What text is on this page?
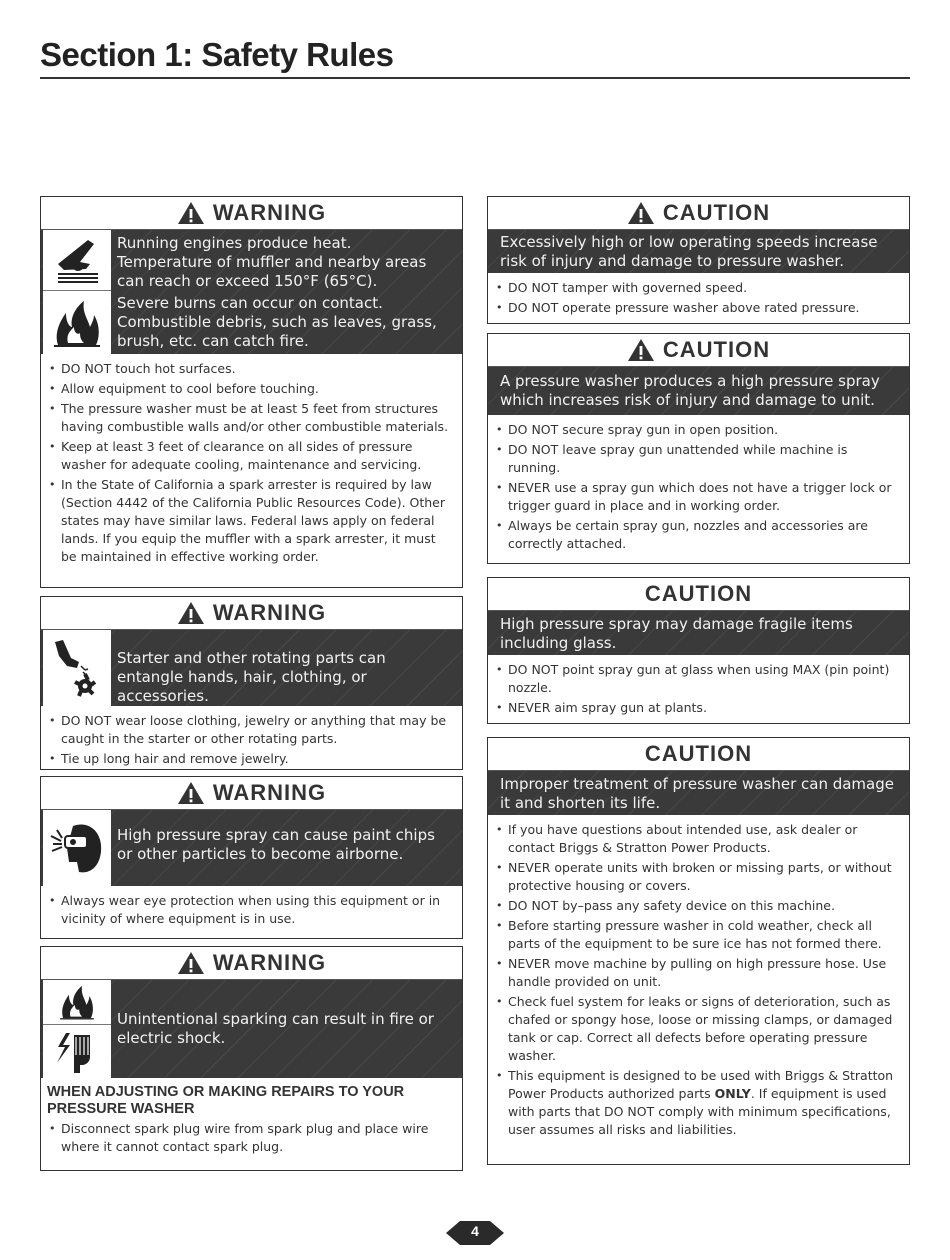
Section 1: Safety Rules
WARNING
Running engines produce heat. Temperature of muffler and nearby areas can reach or exceed 150°F (65°C).
Severe burns can occur on contact.
Combustible debris, such as leaves, grass, brush, etc. can catch fire.
• DO NOT touch hot surfaces.
• Allow equipment to cool before touching.
• The pressure washer must be at least 5 feet from structures having combustible walls and/or other combustible materials.
• Keep at least 3 feet of clearance on all sides of pressure washer for adequate cooling, maintenance and servicing.
• In the State of California a spark arrester is required by law (Section 4442 of the California Public Resources Code). Other states may have similar laws. Federal laws apply on federal lands. If you equip the muffler with a spark arrester, it must be maintained in effective working order.
WARNING
Starter and other rotating parts can entangle hands, hair, clothing, or accessories.
• DO NOT wear loose clothing, jewelry or anything that may be caught in the starter or other rotating parts.
• Tie up long hair and remove jewelry.
WARNING
High pressure spray can cause paint chips or other particles to become airborne.
• Always wear eye protection when using this equipment or in vicinity of where equipment is in use.
WARNING
Unintentional sparking can result in fire or electric shock.
WHEN ADJUSTING OR MAKING REPAIRS TO YOUR PRESSURE WASHER
• Disconnect spark plug wire from spark plug and place wire where it cannot contact spark plug.
CAUTION
Excessively high or low operating speeds increase risk of injury and damage to pressure washer.
• DO NOT tamper with governed speed.
• DO NOT operate pressure washer above rated pressure.
CAUTION
A pressure washer produces a high pressure spray which increases risk of injury and damage to unit.
• DO NOT secure spray gun in open position.
• DO NOT leave spray gun unattended while machine is running.
• NEVER use a spray gun which does not have a trigger lock or trigger guard in place and in working order.
• Always be certain spray gun, nozzles and accessories are correctly attached.
CAUTION
High pressure spray may damage fragile items including glass.
• DO NOT point spray gun at glass when using MAX (pin point) nozzle.
• NEVER aim spray gun at plants.
CAUTION
Improper treatment of pressure washer can damage it and shorten its life.
• If you have questions about intended use, ask dealer or contact Briggs & Stratton Power Products.
• NEVER operate units with broken or missing parts, or without protective housing or covers.
• DO NOT by–pass any safety device on this machine.
• Before starting pressure washer in cold weather, check all parts of the equipment to be sure ice has not formed there.
• NEVER move machine by pulling on high pressure hose. Use handle provided on unit.
• Check fuel system for leaks or signs of deterioration, such as chafed or spongy hose, loose or missing clamps, or damaged tank or cap. Correct all defects before operating pressure washer.
• This equipment is designed to be used with Briggs & Stratton Power Products authorized parts ONLY. If equipment is used with parts that DO NOT comply with minimum specifications, user assumes all risks and liabilities.
4
